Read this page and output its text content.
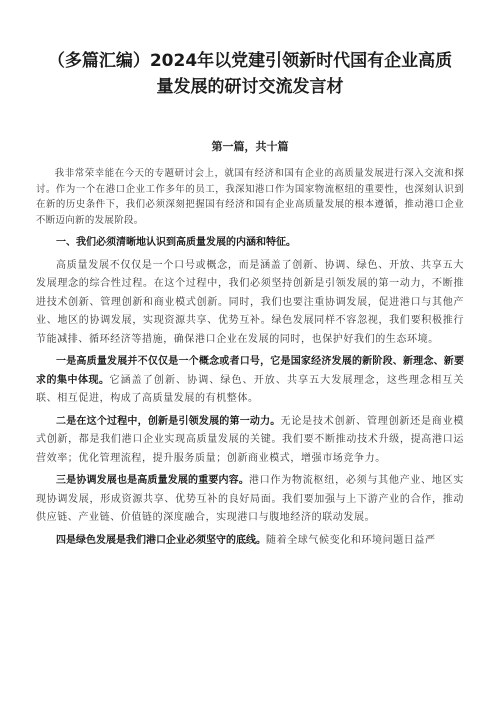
（多篇汇编）2024年以党建引领新时代国有企业高质
量发展的研讨交流发言材
第一篇，共十篇

我非常荣幸能在今天的专题研讨会上，就国有经济和国有企业的高质量发展进行深入交流和探讨。作为一个在港口企业工作多年的员工，我深知港口作为国家物流枢纽的重要性，也深刻认识到在新的历史条件下，我们必须深刻把握国有经济和国有企业高质量发展的根本遵循，推动港口企业不断迈向新的发展阶段。

一、我们必须清晰地认识到高质量发展的内涵和特征。

高质量发展不仅仅是一个口号或概念，而是涵盖了创新、协调、绿色、开放、共享五大发展理念的综合性过程。在这个过程中，我们必须坚持创新是引领发展的第一动力，不断推进技术创新、管理创新和商业模式创新。同时，我们也要注重协调发展，促进港口与其他产业、地区的协调发展，实现资源共享、优势互补。绿色发展同样不容忽视，我们要积极推行节能减排、循环经济等措施，确保港口企业在发展的同时，也保护好我们的生态环境。

一是高质量发展并不仅仅是一个概念或者口号，它是国家经济发展的新阶段、新理念、新要求的集中体现。它涵盖了创新、协调、绿色、开放、共享五大发展理念，这些理念相互关联、相互促进，构成了高质量发展的有机整体。

二是在这个过程中，创新是引领发展的第一动力。无论是技术创新、管理创新还是商业模式创新，都是我们港口企业实现高质量发展的关键。我们要不断推动技术升级，提高港口运营效率；优化管理流程，提升服务质量；创新商业模式，增强市场竞争力。

三是协调发展也是高质量发展的重要内容。港口作为物流枢纽，必须与其他产业、地区实现协调发展，形成资源共享、优势互补的良好局面。我们要加强与上下游产业的合作，推动供应链、产业链、价值链的深度融合，实现港口与腹地经济的联动发展。

四是绿色发展是我们港口企业必须坚守的底线。随着全球气候变化和环境问题日益严
